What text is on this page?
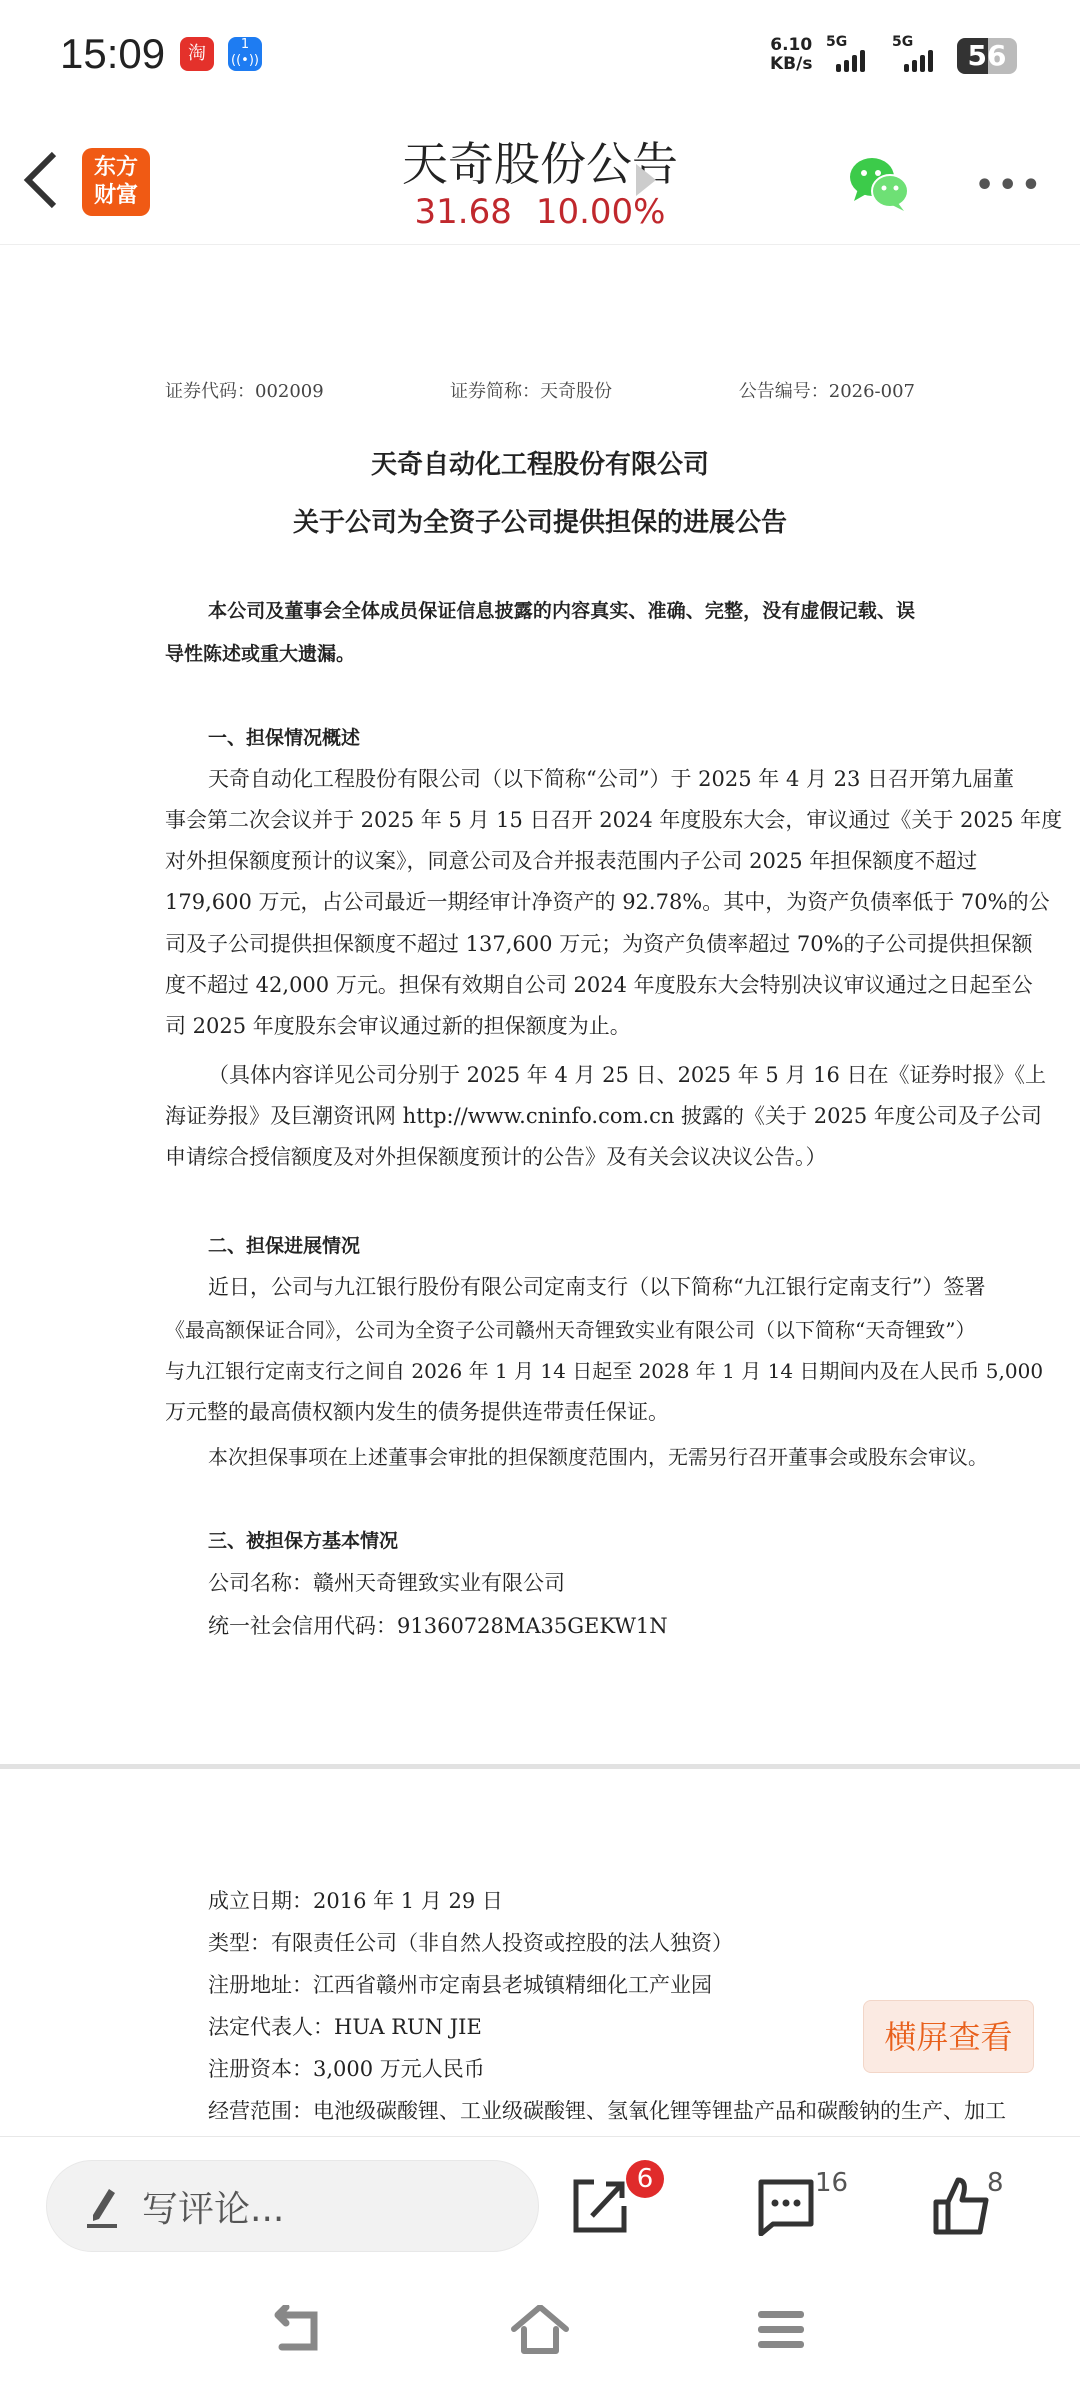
15:09	淘	1
((•))
6.10
KB/s
5G	5G	56
东方
财富
天奇股份公告
31.68 10.00%
•••
证券代码：002009	证券简称：天奇股份	公告编号：2026-007
天奇自动化工程股份有限公司
关于公司为全资子公司提供担保的进展公告
本公司及董事会全体成员保证信息披露的内容真实、准确、完整，没有虚假记载、误
导性陈述或重大遗漏。
一、担保情况概述
天奇自动化工程股份有限公司（以下简称“公司”）于 2025 年 4 月 23 日召开第九届董
事会第二次会议并于 2025 年 5 月 15 日召开 2024 年度股东大会，审议通过《关于 2025 年度
对外担保额度预计的议案》，同意公司及合并报表范围内子公司 2025 年担保额度不超过
179,600 万元，占公司最近一期经审计净资产的 92.78%。其中，为资产负债率低于 70%的公
司及子公司提供担保额度不超过 137,600 万元；为资产负债率超过 70%的子公司提供担保额
度不超过 42,000 万元。担保有效期自公司 2024 年度股东大会特别决议审议通过之日起至公
司 2025 年度股东会审议通过新的担保额度为止。
（具体内容详见公司分别于 2025 年 4 月 25 日、2025 年 5 月 16 日在《证券时报》《上
海证券报》及巨潮资讯网 http://www.cninfo.com.cn 披露的《关于 2025 年度公司及子公司
申请综合授信额度及对外担保额度预计的公告》及有关会议决议公告。）
二、担保进展情况
近日，公司与九江银行股份有限公司定南支行（以下简称“九江银行定南支行”）签署
《最高额保证合同》，公司为全资子公司赣州天奇锂致实业有限公司（以下简称“天奇锂致”）
与九江银行定南支行之间自 2026 年 1 月 14 日起至 2028 年 1 月 14 日期间内及在人民币 5,000
万元整的最高债权额内发生的债务提供连带责任保证。
本次担保事项在上述董事会审批的担保额度范围内，无需另行召开董事会或股东会审议。
三、被担保方基本情况
公司名称：赣州天奇锂致实业有限公司
统一社会信用代码：91360728MA35GEKW1N
成立日期：2016 年 1 月 29 日
类型：有限责任公司（非自然人投资或控股的法人独资）
注册地址：江西省赣州市定南县老城镇精细化工产业园
法定代表人：HUA RUN JIE
注册资本：3,000 万元人民币
经营范围：电池级碳酸锂、工业级碳酸锂、氢氧化锂等锂盐产品和碳酸钠的生产、加工
横屏查看
写评论...
6	16	8
